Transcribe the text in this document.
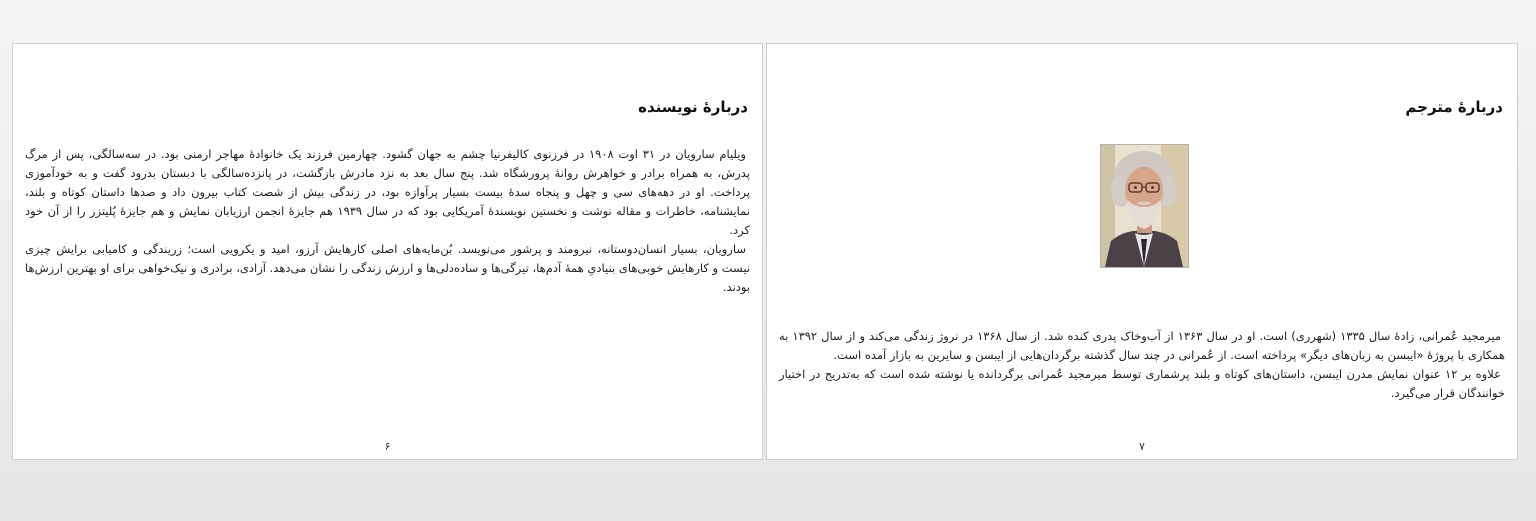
دربارهٔ نویسنده

ویلیام سارویان در ۳۱ اوت ۱۹۰۸ در فرزنوی کالیفرنیا چشم به جهان گشود. چهارمین فرزند یک خانوادهٔ مهاجر ارمنی بود. در سه‌سالگی، پس از مرگ پدرش، به همراه برادر و خواهرش روانهٔ پرورشگاه شد. پنج سال بعد به نزد مادرش بازگشت، در پانزده‌سالگی با دبستان بدرود گفت و به خودآموزی پرداخت. او در دهه‌های سی و چهل و پنجاه سدهٔ بیست بسیار پرآوازه بود، در زندگی بیش از شصت کتاب بیرون داد و صدها داستان کوتاه و بلند، نمایشنامه، خاطرات و مقاله نوشت و نخستین نویسندهٔ آمریکایی بود که در سال ۱۹۳۹ هم جایزهٔ انجمن ارزیابان نمایش و هم جایزهٔ پُلیتزر را از آن خود کرد.

سارویان، بسیار انسان‌دوستانه، نیرومند و پرشور می‌نویسد. بُن‌مایه‌های اصلی کارهایش آرزو، امید و یکرویی است؛ زریندگی و کامیابی برایش چیزی نیست و کارهایش خوبی‌های بنیادیِ همهٔ آدم‌ها، تیرگی‌ها و ساده‌دلی‌ها و ارزش زندگی را نشان می‌دهد. آزادی، برادری و نیک‌خواهی برای او بهترین ارزش‌ها بودند.

۶
دربارهٔ مترجم

میرمجید عُمرانی، زادهٔ سال ۱۳۳۵ (شهرری) است. او در سال ۱۳۶۳ از آب‌وخاک پدری کنده شد. از سال ۱۳۶۸ در نروژ زندگی می‌کند و از سال ۱۳۹۲ به همکاری با پروژهٔ «ایبسن به زبان‌های دیگر» پرداخته است. از عُمرانی در چند سال گذشته برگردان‌هایی از ایبسن و سایرین به بازار آمده است.

علاوه بر ۱۲ عنوان نمایش مدرن ایبسن، داستان‌های کوتاه و بلند پرشماری توسط میرمجید عُمرانی برگردانده یا نوشته شده است که به‌تدریج در اختیار خوانندگان قرار می‌گیرد.

۷
